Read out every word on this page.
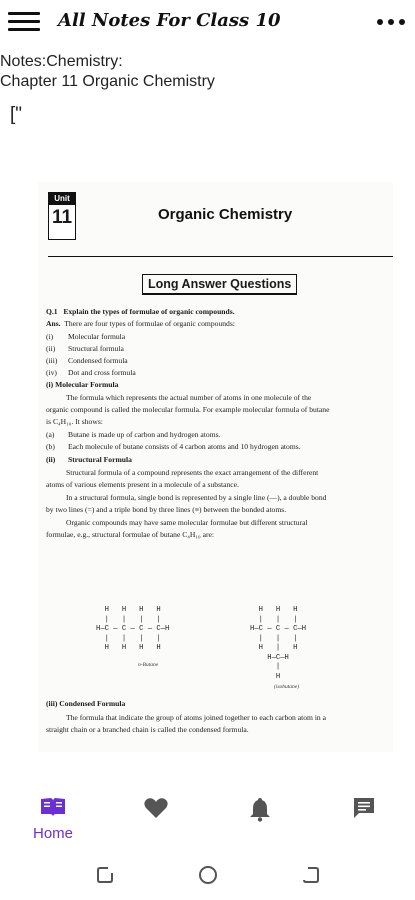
All Notes For Class 10
Notes:Chemistry:
Chapter 11 Organic Chemistry
["
Unit
11	Organic Chemistry
Long Answer Questions
Q.1 Explain the types of formulae of organic compounds.
Ans. There are four types of formulae of organic compounds:
(i) Molecular formula
(ii) Structural formula
(iii) Condensed formula
(iv) Dot and cross formula
(i) Molecular Formula
The formula which represents the actual number of atoms in one molecule of the
organic compound is called the molecular formula. For example molecular formula of butane
is C₄H₁₀. It shows:
(a) Butane is made up of carbon and hydrogen atoms.
(b) Each molecule of butane consists of 4 carbon atoms and 10 hydrogen atoms.
(ii) Structural Formula
Structural formula of a compound represents the exact arrangement of the different
atoms of various elements present in a molecule of a substance.
In a structural formula, single bond is represented by a single line (—), a double bond
by two lines (=) and a triple bond by three lines (≡) between the bonded atoms.
Organic compounds may have same molecular formulae but different structural
formulae, e.g., structural formulae of butane C₄H₁₀ are:
H   H   H   H
|   |   |   |
H—C — C — C — C—H
|   |   |   |
H   H   H   H
n-Butane
H   H   H
|   |   |
H—C — C — C—H
|   |   |
H   |   H
H—C—H
|
H
(isobutane)
(iii) Condensed Formula
The formula that indicate the group of atoms joined together to each carbon atom in a
straight chain or a branched chain is called the condensed formula.
Home
